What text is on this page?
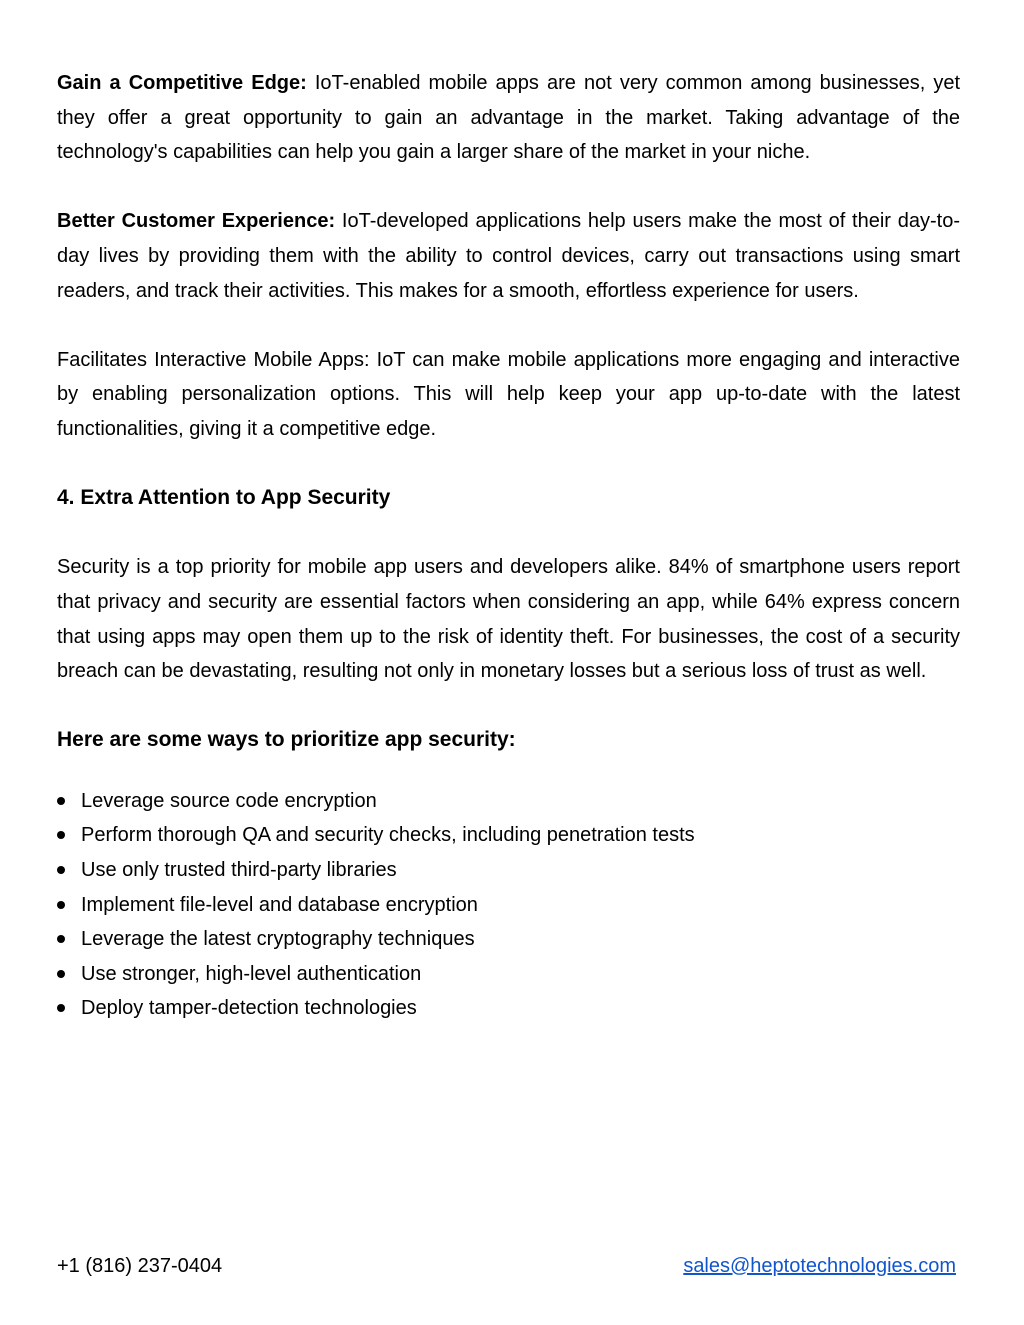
Gain a Competitive Edge: IoT-enabled mobile apps are not very common among businesses, yet they offer a great opportunity to gain an advantage in the market. Taking advantage of the technology's capabilities can help you gain a larger share of the market in your niche.

Better Customer Experience: IoT-developed applications help users make the most of their day-to-day lives by providing them with the ability to control devices, carry out transactions using smart readers, and track their activities. This makes for a smooth, effortless experience for users.

Facilitates Interactive Mobile Apps: IoT can make mobile applications more engaging and interactive by enabling personalization options. This will help keep your app up-to-date with the latest functionalities, giving it a competitive edge.

4. Extra Attention to App Security

Security is a top priority for mobile app users and developers alike. 84% of smartphone users report that privacy and security are essential factors when considering an app, while 64% express concern that using apps may open them up to the risk of identity theft. For businesses, the cost of a security breach can be devastating, resulting not only in monetary losses but a serious loss of trust as well.

Here are some ways to prioritize app security:
Leverage source code encryption
Perform thorough QA and security checks, including penetration tests
Use only trusted third-party libraries
Implement file-level and database encryption
Leverage the latest cryptography techniques
Use stronger, high-level authentication
Deploy tamper-detection technologies
+1 (816) 237-0404	sales@heptotechnologies.com
